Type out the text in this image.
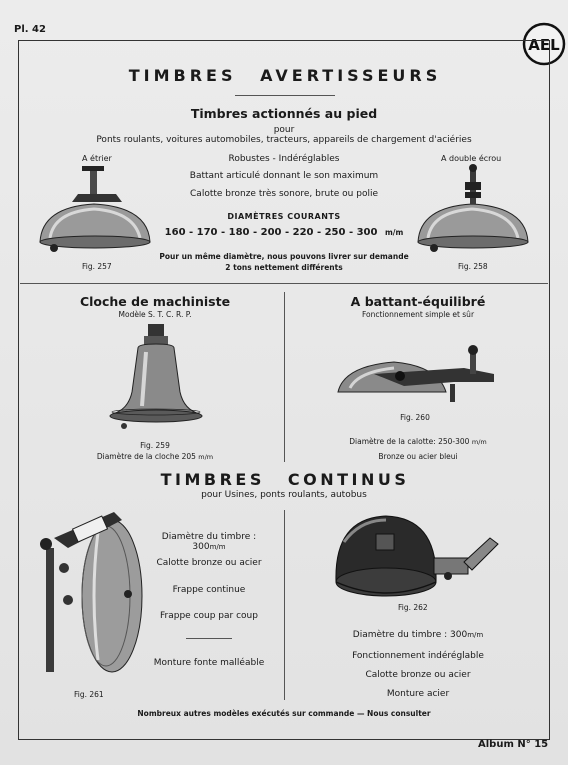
Pl. 42
AEL
TIMBRES AVERTISSEURS
Timbres actionnés au pied
pour
Ponts roulants, voitures automobiles, tracteurs, appareils de chargement d'aciéries
A étrier	A double écrou
Robustes - Indéréglables
Battant articulé donnant le son maximum
Calotte bronze très sonore, brute ou polie
DIAMÈTRES COURANTS
160 - 170 - 180 - 200 - 220 - 250 - 300 m/m
Pour un même diamètre, nous pouvons livrer sur demande
2 tons nettement différents
Fig. 257	Fig. 258
Cloche de machiniste
Modèle S. T. C. R. P.
Fig. 259
Diamètre de la cloche 205 m/m
A battant-équilibré
Fonctionnement simple et sûr
Fig. 260
Diamètre de la calotte: 250-300 m/m
Bronze ou acier bleui
TIMBRES CONTINUS
pour Usines, ponts roulants, autobus
Fig. 261
Diamètre du timbre : 300m/m
Calotte bronze ou acier
Frappe continue
Frappe coup par coup
Monture fonte malléable
Fig. 262
Diamètre du timbre : 300m/m
Fonctionnement indéréglable
Calotte bronze ou acier
Monture acier
Nombreux autres modèles exécutés sur commande — Nous consulter
Album N° 15
